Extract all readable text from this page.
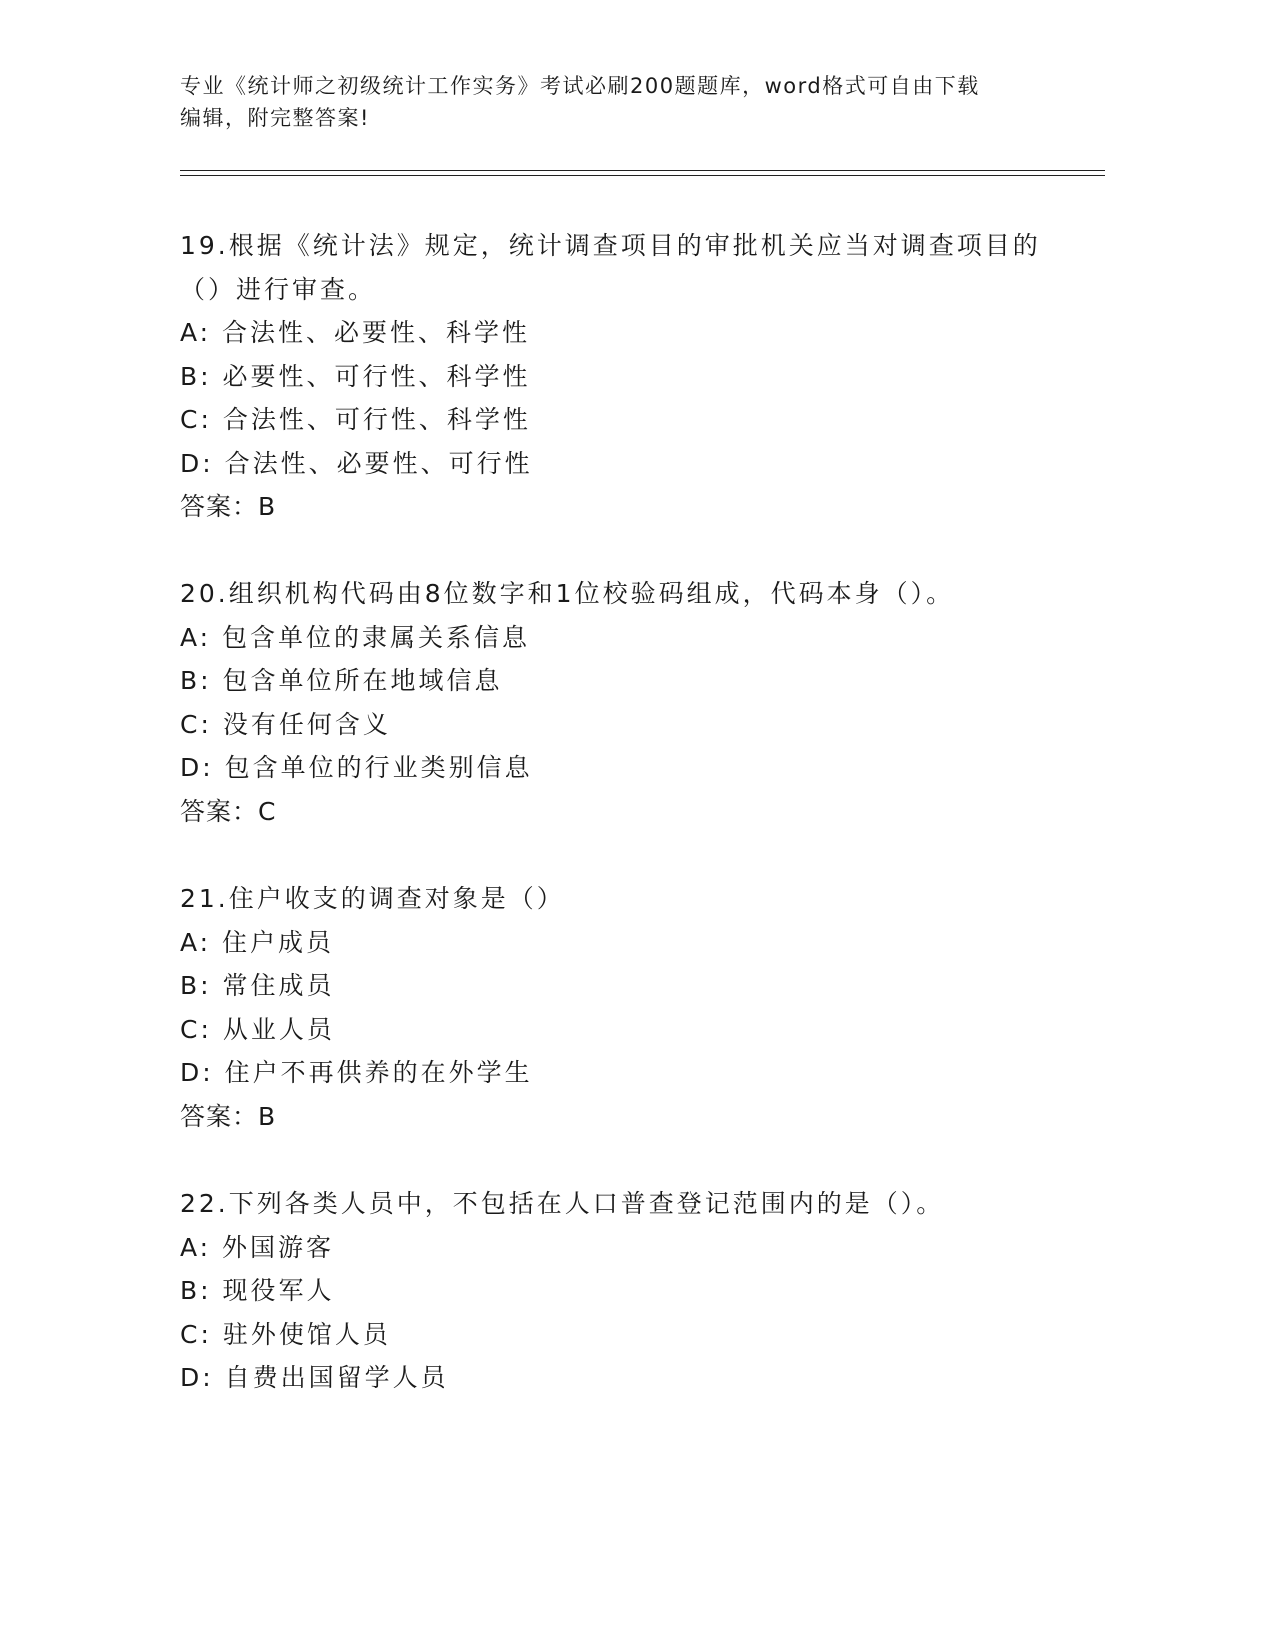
专业《统计师之初级统计工作实务》考试必刷200题题库，word格式可自由下载
编辑，附完整答案!
19.根据《统计法》规定，统计调查项目的审批机关应当对调查项目的
（）进行审查。
A: 合法性、必要性、科学性
B: 必要性、可行性、科学性
C: 合法性、可行性、科学性
D: 合法性、必要性、可行性
答案：B
20.组织机构代码由8位数字和1位校验码组成，代码本身（）。
A: 包含单位的隶属关系信息
B: 包含单位所在地域信息
C: 没有任何含义
D: 包含单位的行业类别信息
答案：C
21.住户收支的调查对象是（）
A: 住户成员
B: 常住成员
C: 从业人员
D: 住户不再供养的在外学生
答案：B
22.下列各类人员中，不包括在人口普查登记范围内的是（）。
A: 外国游客
B: 现役军人
C: 驻外使馆人员
D: 自费出国留学人员
